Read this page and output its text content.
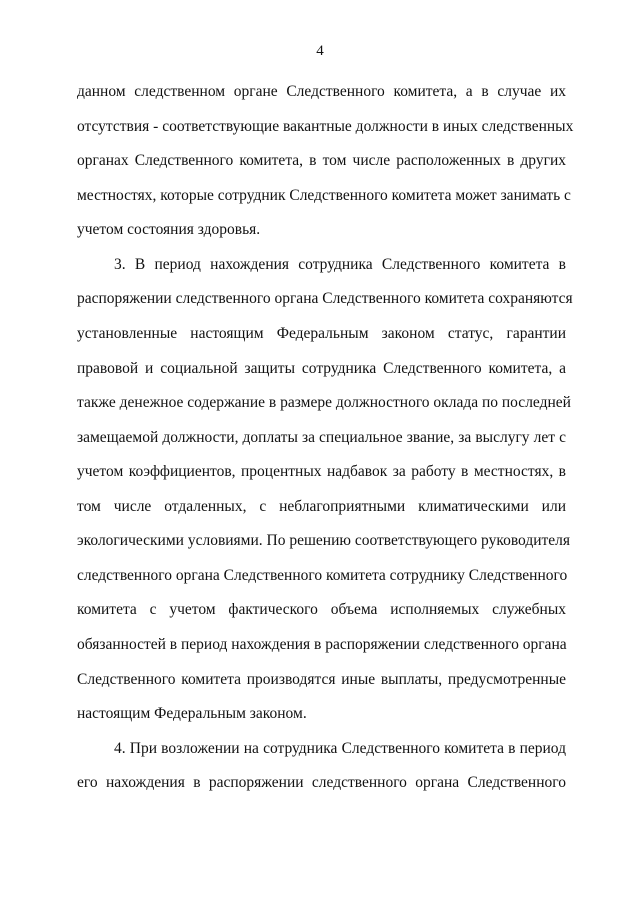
4
данном следственном органе Следственного комитета, а в случае их
отсутствия - соответствующие вакантные должности в иных следственных
органах Следственного комитета, в том числе расположенных в других
местностях, которые сотрудник Следственного комитета может занимать с
учетом состояния здоровья.
3. В период нахождения сотрудника Следственного комитета в
распоряжении следственного органа Следственного комитета сохраняются
установленные настоящим Федеральным законом статус, гарантии
правовой и социальной защиты сотрудника Следственного комитета, а
также денежное содержание в размере должностного оклада по последней
замещаемой должности, доплаты за специальное звание, за выслугу лет с
учетом коэффициентов, процентных надбавок за работу в местностях, в
том числе отдаленных, с неблагоприятными климатическими или
экологическими условиями. По решению соответствующего руководителя
следственного органа Следственного комитета сотруднику Следственного
комитета с учетом фактического объема исполняемых служебных
обязанностей в период нахождения в распоряжении следственного органа
Следственного комитета производятся иные выплаты, предусмотренные
настоящим Федеральным законом.
4. При возложении на сотрудника Следственного комитета в период
его нахождения в распоряжении следственного органа Следственного
